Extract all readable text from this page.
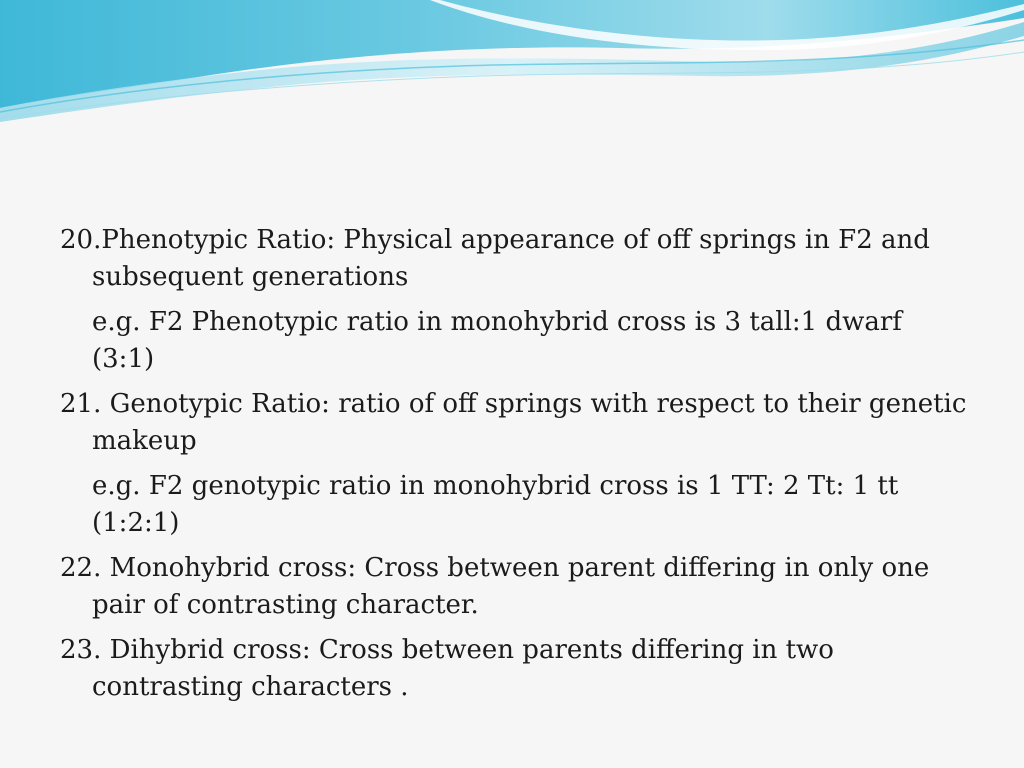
20.Phenotypic Ratio: Physical appearance of off springs in F2 and
subsequent generations

e.g. F2 Phenotypic ratio in monohybrid cross is 3 tall:1 dwarf (3:1)

21. Genotypic Ratio: ratio of off springs with respect to their genetic
makeup

e.g. F2 genotypic ratio in monohybrid cross is 1 TT: 2 Tt: 1 tt
(1:2:1)

22. Monohybrid cross: Cross between parent differing in only one
pair of contrasting character.

23. Dihybrid cross: Cross between parents differing in two
contrasting characters .
